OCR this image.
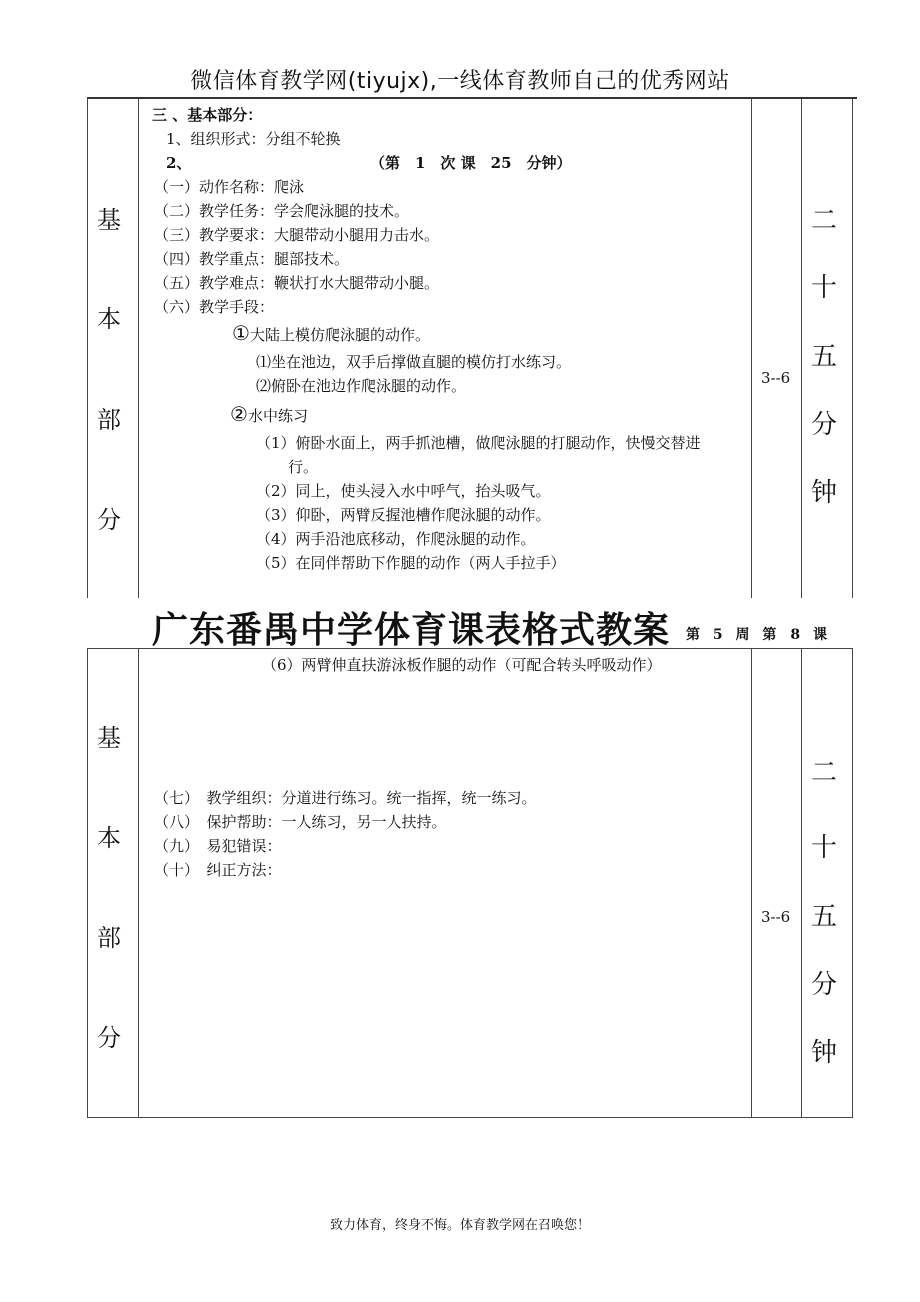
微信体育教学网(tiyujx),一线体育教师自己的优秀网站
基
本
部
分
三 、基本部分：
1、组织形式：分组不轮换
2、	（第　1　次 课　25　分钟）
（一）动作名称：爬泳
（二）教学任务：学会爬泳腿的技术。
（三）教学要求：大腿带动小腿用力击水。
（四）教学重点：腿部技术。
（五）教学难点：鞭状打水大腿带动小腿。
（六）教学手段：
①大陆上模仿爬泳腿的动作。
⑴坐在池边，双手后撑做直腿的模仿打水练习。
⑵俯卧在池边作爬泳腿的动作。
②水中练习
（1）俯卧水面上，两手抓池槽，做爬泳腿的打腿动作，快慢交替进
行。
（2）同上，使头浸入水中呼气，抬头吸气。
（3）仰卧，两臂反握池槽作爬泳腿的动作。
（4）两手沿池底移动，作爬泳腿的动作。
（5）在同伴帮助下作腿的动作（两人手拉手）
3--6
二
十
五
分
钟
广东番禺中学体育课表格式教案 第 5 周 第　8 课
基
本
部
分
（6）两臂伸直扶游泳板作腿的动作（可配合转头呼吸动作）
（七）　教学组织：分道进行练习。统一指挥，统一练习。
（八）　保护帮助：一人练习，另一人扶持。
（九）　易犯错误：
（十）　纠正方法：
3--6
二
十
五
分
钟
致力体育，终身不悔。体育教学网在召唤您！
